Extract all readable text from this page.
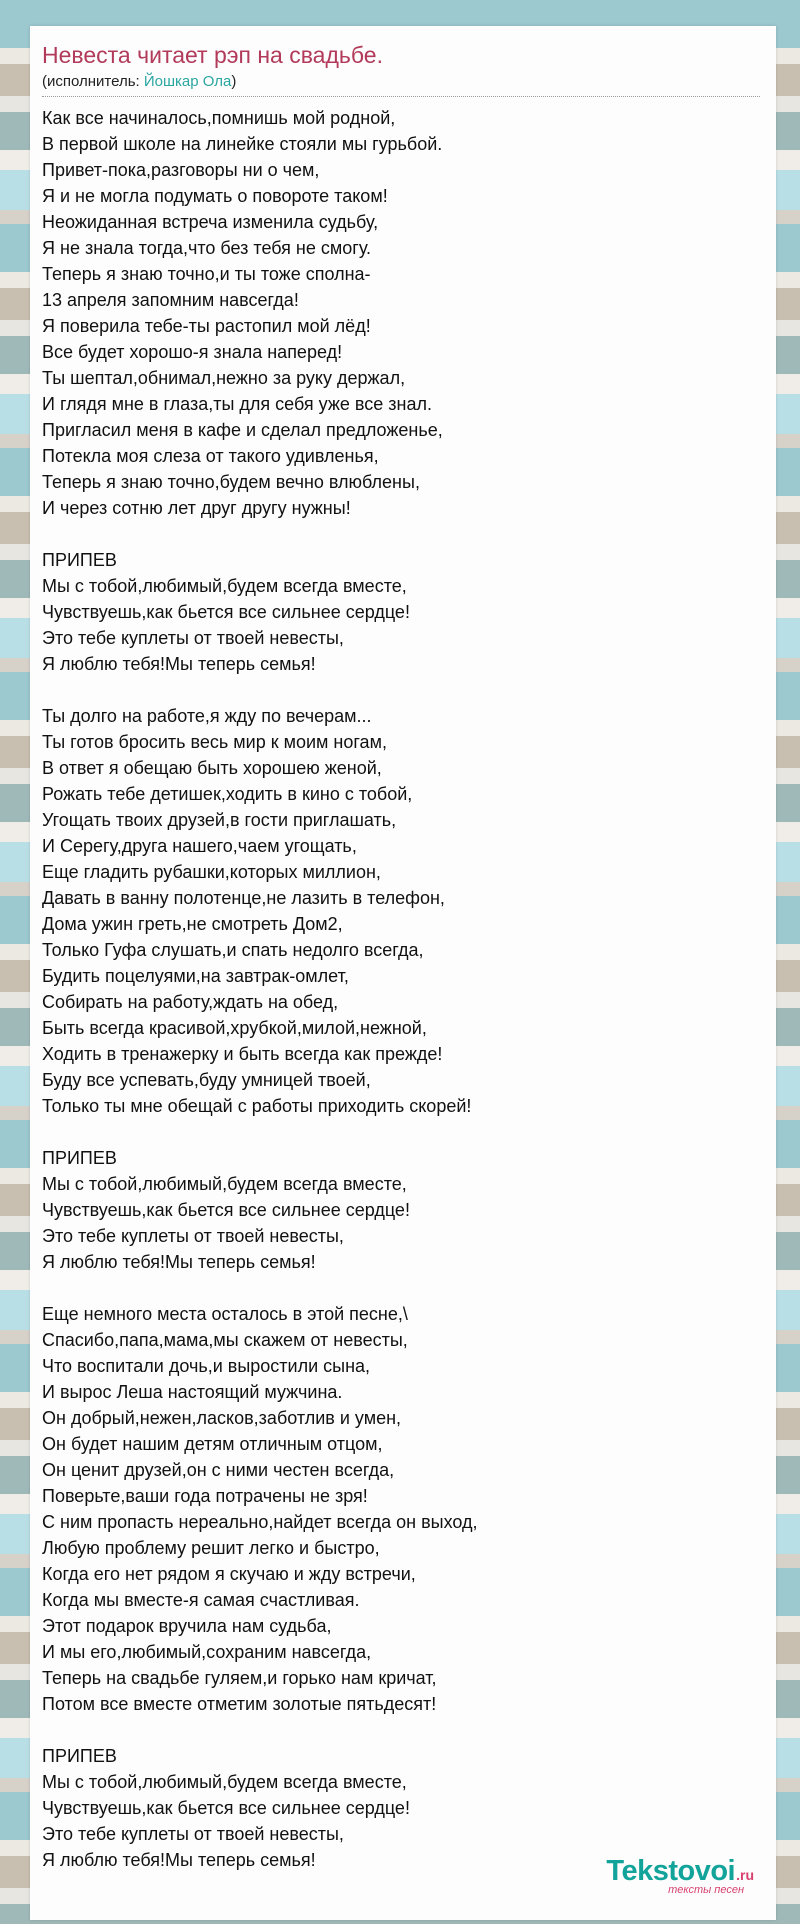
Невеста читает рэп на свадьбе.
(исполнитель: Йошкар Ола)
Как все начиналось,помнишь мой родной,
В первой школе на линейке стояли мы гурьбой.
Привет-пока,разговоры ни о чем,
Я и не могла подумать о повороте таком!
Неожиданная встреча изменила судьбу,
Я не знала тогда,что без тебя не смогу.
Теперь я знаю точно,и ты тоже сполна-
13 апреля запомним навсегда!
Я поверила тебе-ты растопил мой лёд!
Все будет хорошо-я знала наперед!
Ты шептал,обнимал,нежно за руку держал,
И глядя мне в глаза,ты для себя уже все знал.
Пригласил меня в кафе и сделал предложенье,
Потекла моя слеза от такого удивленья,
Теперь я знаю точно,будем вечно влюблены,
И через сотню лет друг другу нужны!
ПРИПЕВ
Мы с тобой,любимый,будем всегда вместе,
Чувствуешь,как бьется все сильнее сердце!
Это тебе куплеты от твоей невесты,
Я люблю тебя!Мы теперь семья!
Ты долго на работе,я жду по вечерам...
Ты готов бросить весь мир к моим ногам,
В ответ я обещаю быть хорошею женой,
Рожать тебе детишек,ходить в кино с тобой,
Угощать твоих друзей,в гости приглашать,
И Серегу,друга нашего,чаем угощать,
Еще гладить рубашки,которых миллион,
Давать в ванну полотенце,не лазить в телефон,
Дома ужин греть,не смотреть Дом2,
Только Гуфа слушать,и спать недолго всегда,
Будить поцелуями,на завтрак-омлет,
Собирать на работу,ждать на обед,
Быть всегда красивой,хрубкой,милой,нежной,
Ходить в тренажерку и быть всегда как прежде!
Буду все успевать,буду умницей твоей,
Только ты мне обещай с работы приходить скорей!
ПРИПЕВ
Мы с тобой,любимый,будем всегда вместе,
Чувствуешь,как бьется все сильнее сердце!
Это тебе куплеты от твоей невесты,
Я люблю тебя!Мы теперь семья!
Еще немного места осталось в этой песне,\
Спасибо,папа,мама,мы скажем от невесты,
Что воспитали дочь,и выростили сына,
И вырос Леша настоящий мужчина.
Он добрый,нежен,ласков,заботлив и умен,
Он будет нашим детям отличным отцом,
Он ценит друзей,он с ними честен всегда,
Поверьте,ваши года потрачены не зря!
С ним пропасть нереально,найдет всегда он выход,
Любую проблему решит легко и быстро,
Когда его нет рядом я скучаю и жду встречи,
Когда мы вместе-я самая счастливая.
Этот подарок вручила нам судьба,
И мы его,любимый,сохраним навсегда,
Теперь на свадьбе гуляем,и горько нам кричат,
Потом все вместе отметим золотые пятьдесят!
ПРИПЕВ
Мы с тобой,любимый,будем всегда вместе,
Чувствуешь,как бьется все сильнее сердце!
Это тебе куплеты от твоей невесты,
Я люблю тебя!Мы теперь семья!	Tekstovoi.ru
тексты песен
